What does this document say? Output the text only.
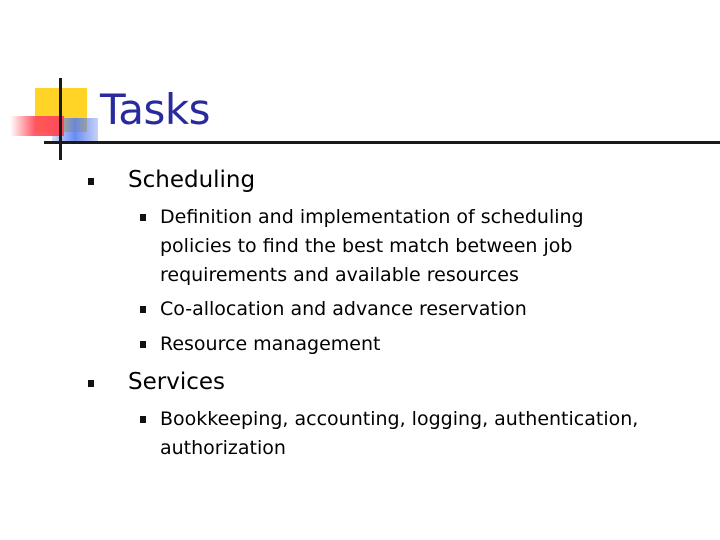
Tasks
Scheduling
Definition and implementation of scheduling
policies to find the best match between job
requirements and available resources
Co-allocation and advance reservation
Resource management
Services
Bookkeeping, accounting, logging, authentication,
authorization
